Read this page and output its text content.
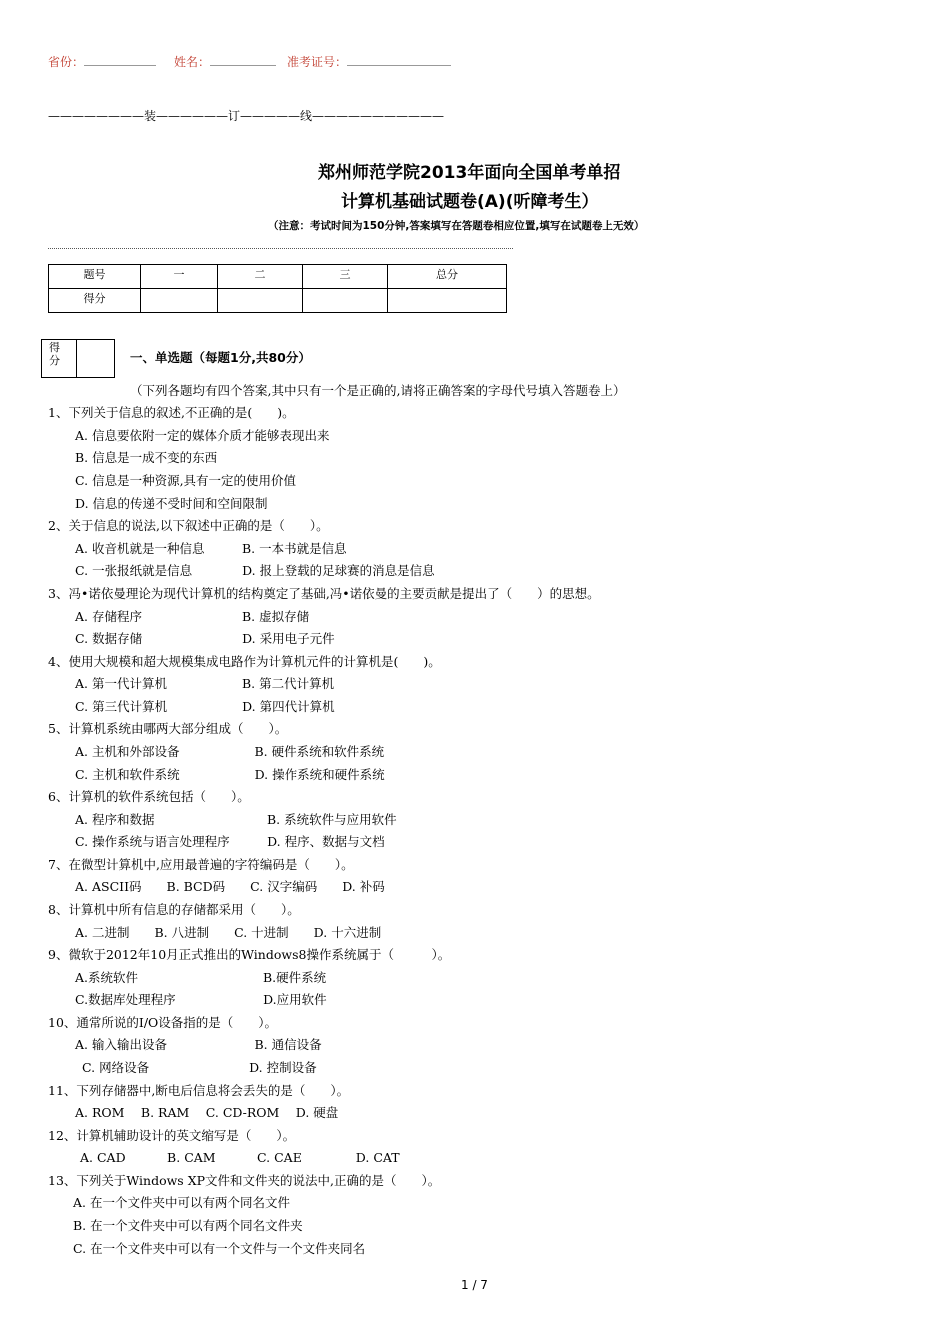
省份：	姓名：	准考证号：
————————装——————订—————线———————————
郑州师范学院2013年面向全国单考单招
计算机基础试题卷(A)(听障考生）
（注意：考试时间为150分钟,答案填写在答题卷相应位置,填写在试题卷上无效）
题号	一	二	三	总分
得分				
得
分	一、单选题（每题1分,共80分）
（下列各题均有四个答案,其中只有一个是正确的,请将正确答案的字母代号填入答题卷上）
1、下列关于信息的叙述,不正确的是(　　)。
A. 信息要依附一定的媒体介质才能够表现出来
B. 信息是一成不变的东西
C. 信息是一种资源,具有一定的使用价值
D. 信息的传递不受时间和空间限制
2、关于信息的说法,以下叙述中正确的是（　　）。
A. 收音机就是一种信息　　　B. 一本书就是信息
C. 一张报纸就是信息　　　　D. 报上登载的足球赛的消息是信息
3、冯•诺依曼理论为现代计算机的结构奠定了基础,冯•诺依曼的主要贡献是提出了（　　）的思想。
A. 存储程序　　　　　　　　B. 虚拟存储
C. 数据存储　　　　　　　　D. 采用电子元件
4、使用大规模和超大规模集成电路作为计算机元件的计算机是(　　)。
A. 第一代计算机　　　　　　B. 第二代计算机
C. 第三代计算机　　　　　　D. 第四代计算机
5、计算机系统由哪两大部分组成（　　）。
A. 主机和外部设备　　　　　　B. 硬件系统和软件系统
C. 主机和软件系统　　　　　　D. 操作系统和硬件系统
6、计算机的软件系统包括（　　）。
A. 程序和数据　　　　　　　　　B. 系统软件与应用软件
C. 操作系统与语言处理程序　　　D. 程序、数据与文档
7、在微型计算机中,应用最普遍的字符编码是（　　）。
A. ASCII码　　B. BCD码　　C. 汉字编码　　D. 补码
8、计算机中所有信息的存储都采用（　　）。
A. 二进制　　B. 八进制　　C. 十进制　　D. 十六进制
9、微软于2012年10月正式推出的Windows8操作系统属于（　　　）。
A.系统软件　　　　　　　　　　B.硬件系统
C.数据库处理程序　　　　　　　D.应用软件
10、通常所说的I/O设备指的是（　　）。
A. 输入输出设备　　　　　　　B. 通信设备
C. 网络设备　　　　　　　　D. 控制设备
11、下列存储器中,断电后信息将会丢失的是（　　）。
A. ROM　 B. RAM　 C. CD-ROM　 D. 硬盘
12、计算机辅助设计的英文缩写是（　　）。
A. CAD　　　 B. CAM　　　 C. CAE　　　　 D. CAT
13、下列关于Windows XP文件和文件夹的说法中,正确的是（　　）。
A. 在一个文件夹中可以有两个同名文件
B. 在一个文件夹中可以有两个同名文件夹
C. 在一个文件夹中可以有一个文件与一个文件夹同名
1 / 7
